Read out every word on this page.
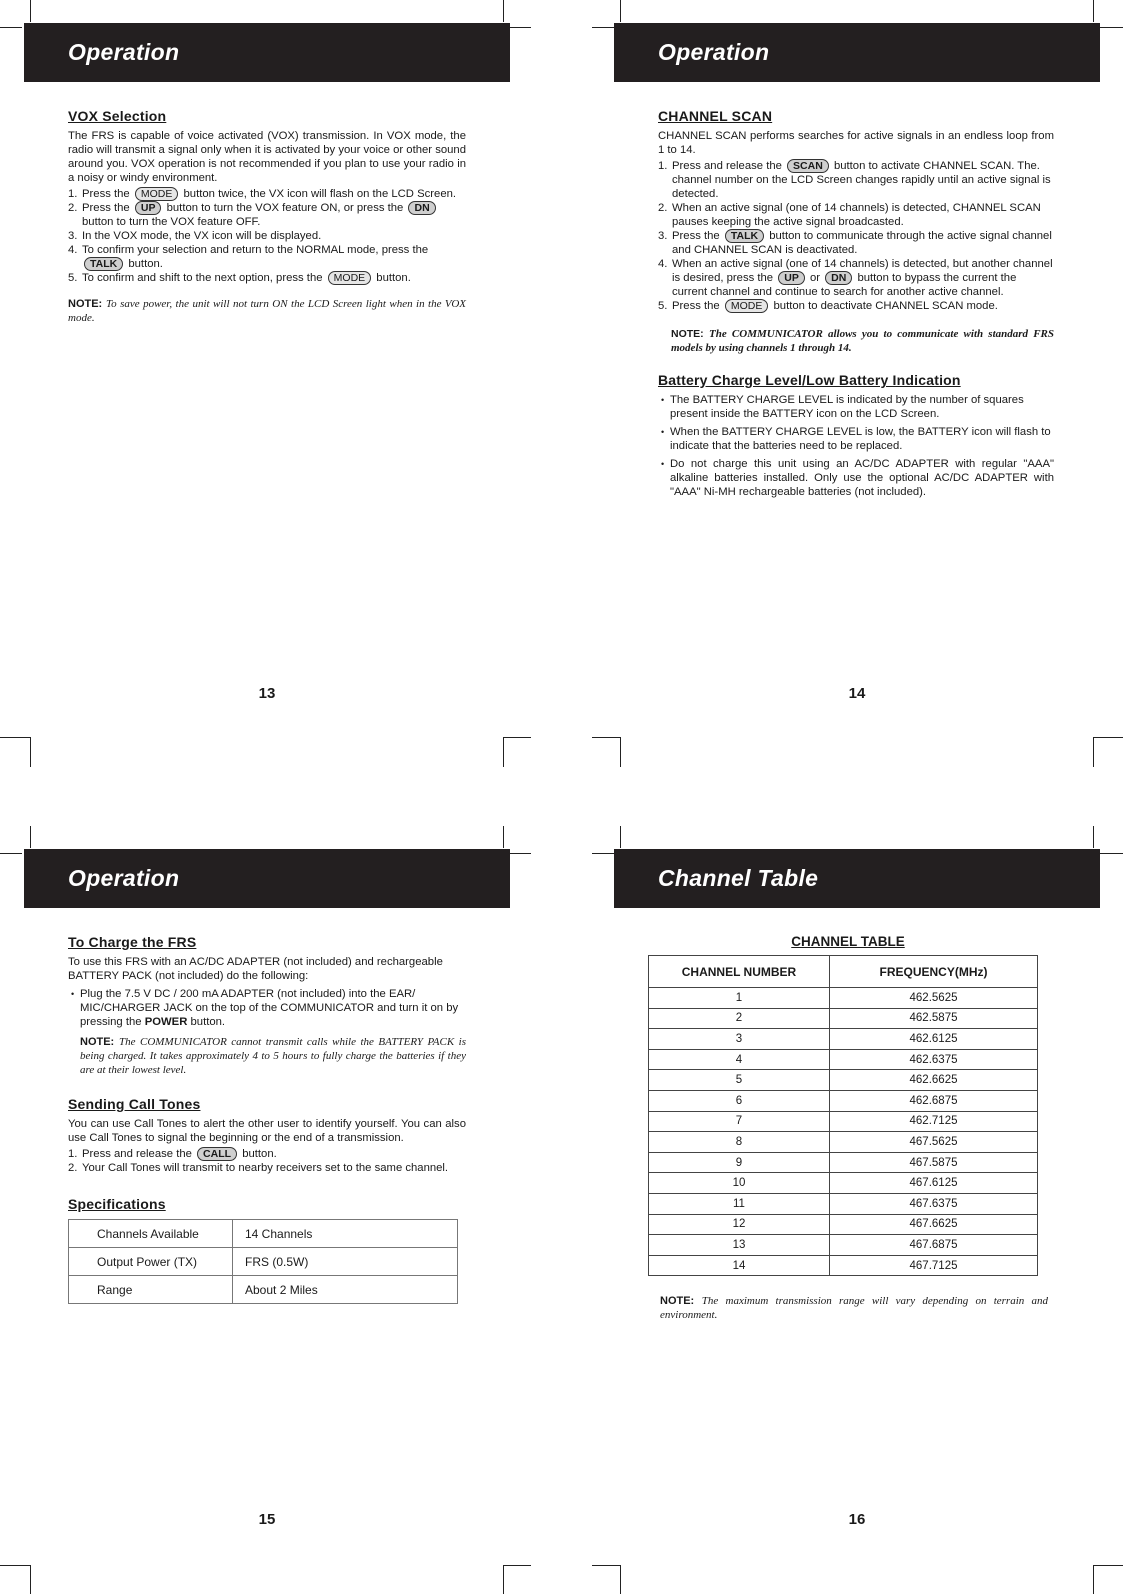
Operation
VOX Selection

The FRS is capable of voice activated (VOX) transmission. In VOX mode, the radio will transmit a signal only when it is activated by your voice or other sound around you. VOX operation is not recommended if you plan to use your radio in a noisy or windy environment.

1. Press the MODE button twice, the VX icon will flash on the LCD Screen.
2. Press the UP button to turn the VOX feature ON, or press the DN button to turn the VOX feature OFF.
3. In the VOX mode, the VX icon will be displayed.
4. To confirm your selection and return to the NORMAL mode, press the TALK button.
5. To confirm and shift to the next option, press the MODE button.

NOTE: To save power, the unit will not turn ON the LCD Screen light when in the VOX mode.

13
Operation
CHANNEL SCAN

CHANNEL SCAN performs searches for active signals in an endless loop from 1 to 14.

1. Press and release the SCAN button to activate CHANNEL SCAN. The. channel number on the LCD Screen changes rapidly until an active signal is detected.
2. When an active signal (one of 14 channels) is detected, CHANNEL SCAN pauses keeping the active signal broadcasted.
3. Press the TALK button to communicate through the active signal channel and CHANNEL SCAN is deactivated.
4. When an active signal (one of 14 channels) is detected, but another channel is desired, press the UP or DN button to bypass the current the current channel and continue to search for another active channel.
5. Press the MODE button to deactivate CHANNEL SCAN mode.

NOTE: The COMMUNICATOR allows you to communicate with standard FRS models by using channels 1 through 14.

Battery Charge Level/Low Battery Indication
• The BATTERY CHARGE LEVEL is indicated by the number of squares present inside the BATTERY icon on the LCD Screen.
• When the BATTERY CHARGE LEVEL is low, the BATTERY icon will flash to indicate that the batteries need to be replaced.
• Do not charge this unit using an AC/DC ADAPTER with regular "AAA" alkaline batteries installed. Only use the optional AC/DC ADAPTER with "AAA" Ni-MH rechargeable batteries (not included).
14
Operation
To Charge the FRS

To use this FRS with an AC/DC ADAPTER (not included) and rechargeable BATTERY PACK (not included) do the following:

• Plug the 7.5 V DC / 200 mA ADAPTER (not included) into the EAR/ MIC/CHARGER JACK on the top of the COMMUNICATOR and turn it on by pressing the POWER button.

NOTE: The COMMUNICATOR cannot transmit calls while the BATTERY PACK is being charged. It takes approximately 4 to 5 hours to fully charge the batteries if they are at their lowest level.

Sending Call Tones

You can use Call Tones to alert the other user to identify yourself. You can also use Call Tones to signal the beginning or the end of a transmission.

1. Press and release the CALL button.
2. Your Call Tones will transmit to nearby receivers set to the same channel.
Specifications
Channels Available	14 Channels
Output Power (TX)	FRS (0.5W)
Range	About 2 Miles
15
Channel Table
CHANNEL TABLE
CHANNEL NUMBER	FREQUENCY(MHz)
1	462.5625
2	462.5875
3	462.6125
4	462.6375
5	462.6625
6	462.6875
7	462.7125
8	467.5625
9	467.5875
10	467.6125
11	467.6375
12	467.6625
13	467.6875
14	467.7125

NOTE: The maximum transmission range will vary depending on terrain and environment.

16
